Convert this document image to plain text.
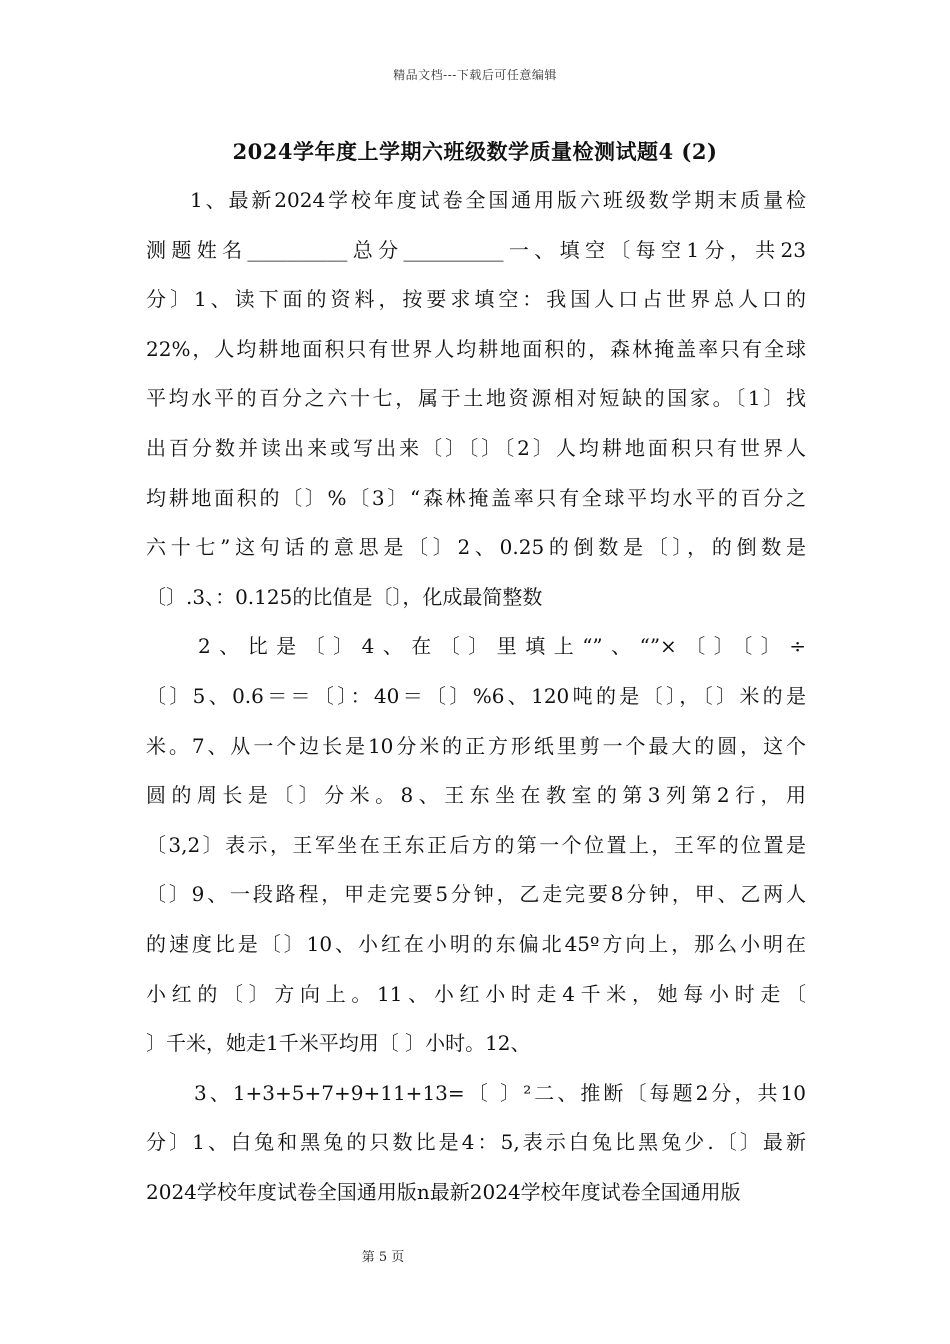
精品文档---下载后可任意编辑
2024学年度上学期六班级数学质量检测试题4 (2)
1、最新2024学校年度试卷全国通用版六班级数学期末质量检
测题姓名__________总分__________一、填空〔每空1分，共23
分〕1、读下面的资料，按要求填空：我国人口占世界总人口的
22%，人均耕地面积只有世界人均耕地面积的，森林掩盖率只有全球
平均水平的百分之六十七，属于土地资源相对短缺的国家。〔1〕找
出百分数并读出来或写出来〔〕〔〕〔2〕人均耕地面积只有世界人
均耕地面积的〔〕%〔3〕“森林掩盖率只有全球平均水平的百分之
六十七”这句话的意思是〔〕2、0.25的倒数是〔〕，的倒数是
〔〕.3、：0.125的比值是〔〕，化成最简整数
2、比是〔〕4、在〔〕里填上“”、“”×〔〕〔〕÷
〔〕5、0.6＝＝〔〕：40＝〔〕%6、120吨的是〔〕，〔〕米的是
米。7、从一个边长是10分米的正方形纸里剪一个最大的圆，这个
圆的周长是〔〕分米。8、王东坐在教室的第3列第2行，用
〔3,2〕表示，王军坐在王东正后方的第一个位置上，王军的位置是
〔〕9、一段路程，甲走完要5分钟，乙走完要8分钟，甲、乙两人
的速度比是〔〕10、小红在小明的东偏北45º方向上，那么小明在
小红的〔〕方向上。11、小红小时走4千米，她每小时走〔
〕千米，她走1千米平均用〔 〕小时。12、
3、1+3+5+7+9+11+13=〔 〕²二、推断〔每题2分，共10
分〕1、白兔和黑兔的只数比是4：5,表示白兔比黑兔少.〔〕最新
2024学校年度试卷全国通用版n最新2024学校年度试卷全国通用版
第 5 页
